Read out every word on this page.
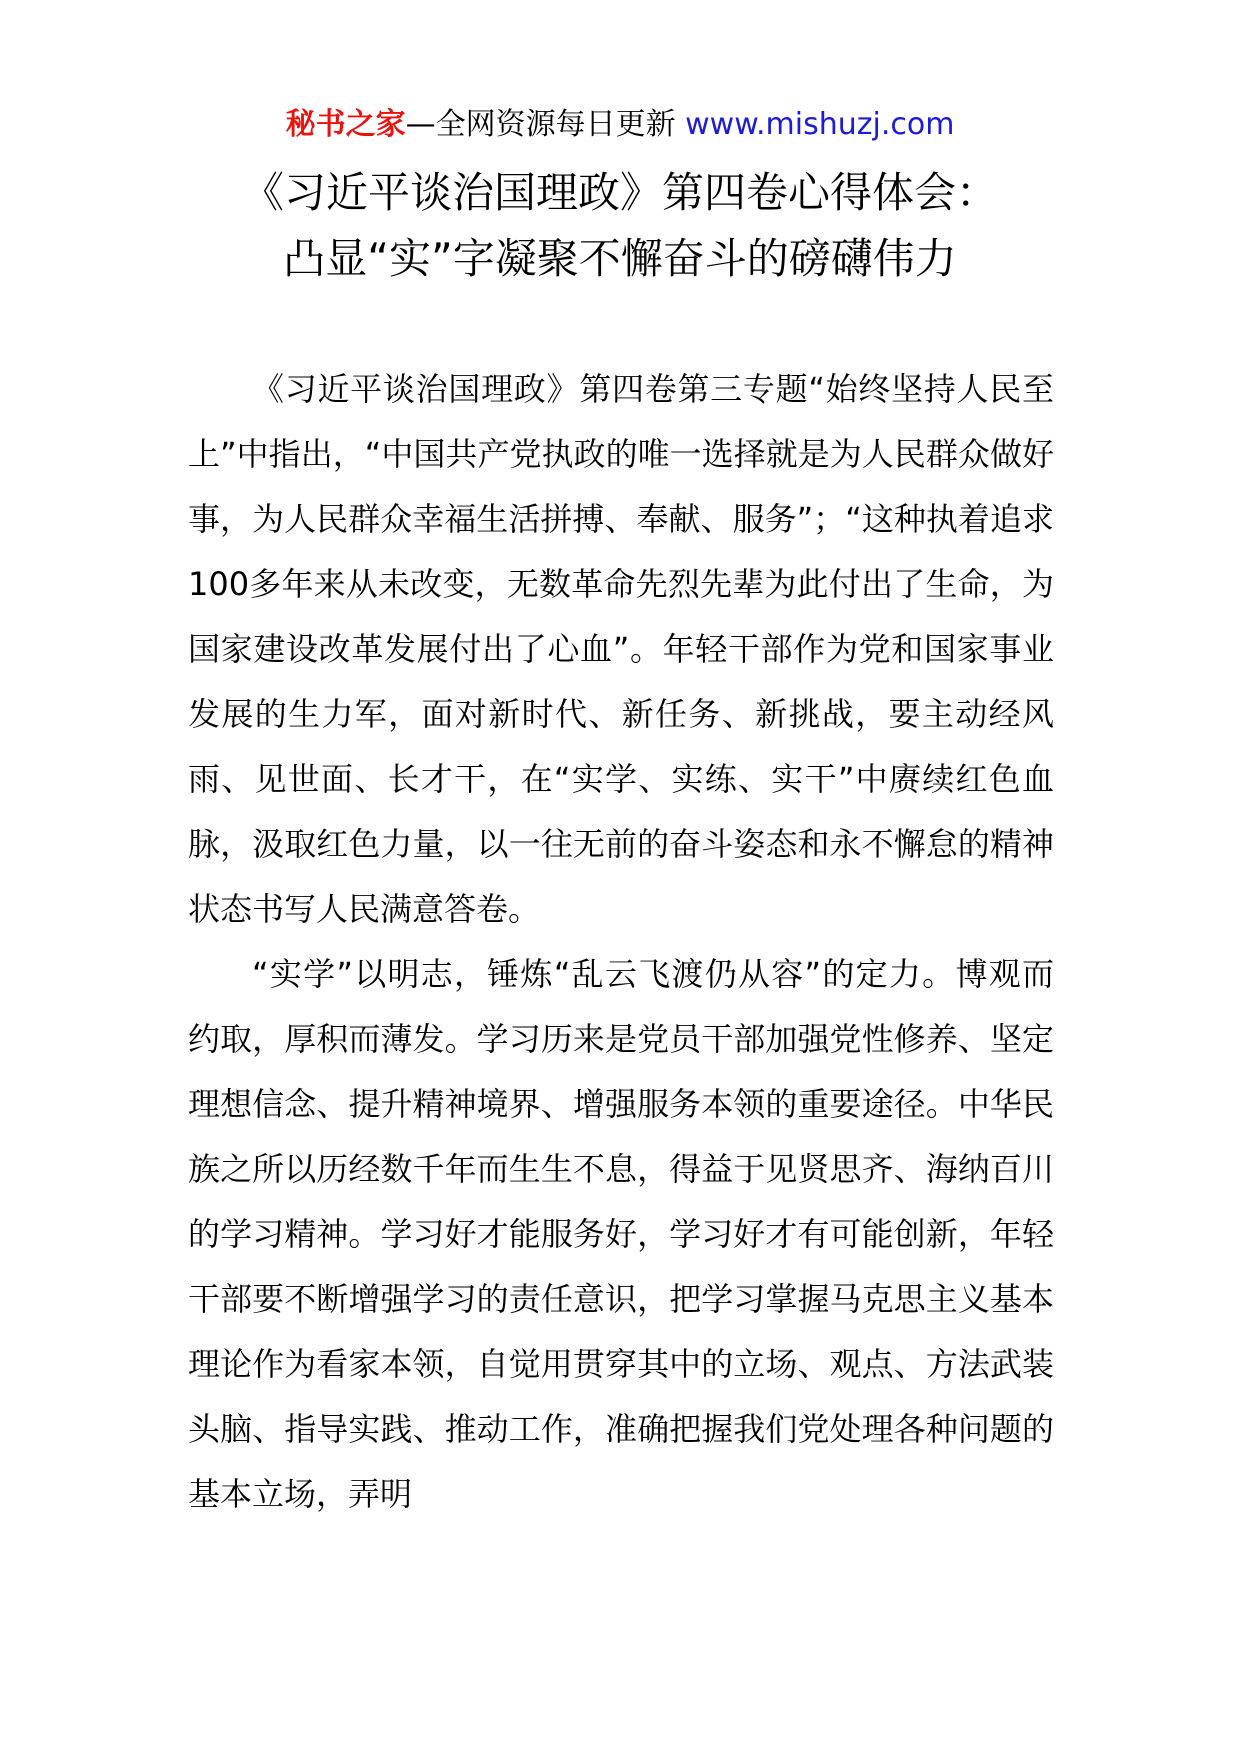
秘书之家—全网资源每日更新 www.mishuzj.com
《习近平谈治国理政》第四卷心得体会：
凸显“实”字凝聚不懈奋斗的磅礴伟力

《习近平谈治国理政》第四卷第三专题“始终坚持人民至上”中指出，“中国共产党执政的唯一选择就是为人民群众做好事，为人民群众幸福生活拼搏、奉献、服务”；“这种执着追求100多年来从未改变，无数革命先烈先辈为此付出了生命，为国家建设改革发展付出了心血”。年轻干部作为党和国家事业发展的生力军，面对新时代、新任务、新挑战，要主动经风雨、见世面、长才干，在“实学、实练、实干”中赓续红色血脉，汲取红色力量，以一往无前的奋斗姿态和永不懈怠的精神状态书写人民满意答卷。

“实学”以明志，锤炼“乱云飞渡仍从容”的定力。博观而约取，厚积而薄发。学习历来是党员干部加强党性修养、坚定理想信念、提升精神境界、增强服务本领的重要途径。中华民族之所以历经数千年而生生不息，得益于见贤思齐、海纳百川的学习精神。学习好才能服务好，学习好才有可能创新，年轻干部要不断增强学习的责任意识，把学习掌握马克思主义基本理论作为看家本领，自觉用贯穿其中的立场、观点、方法武装头脑、指导实践、推动工作，准确把握我们党处理各种问题的基本立场，弄明
